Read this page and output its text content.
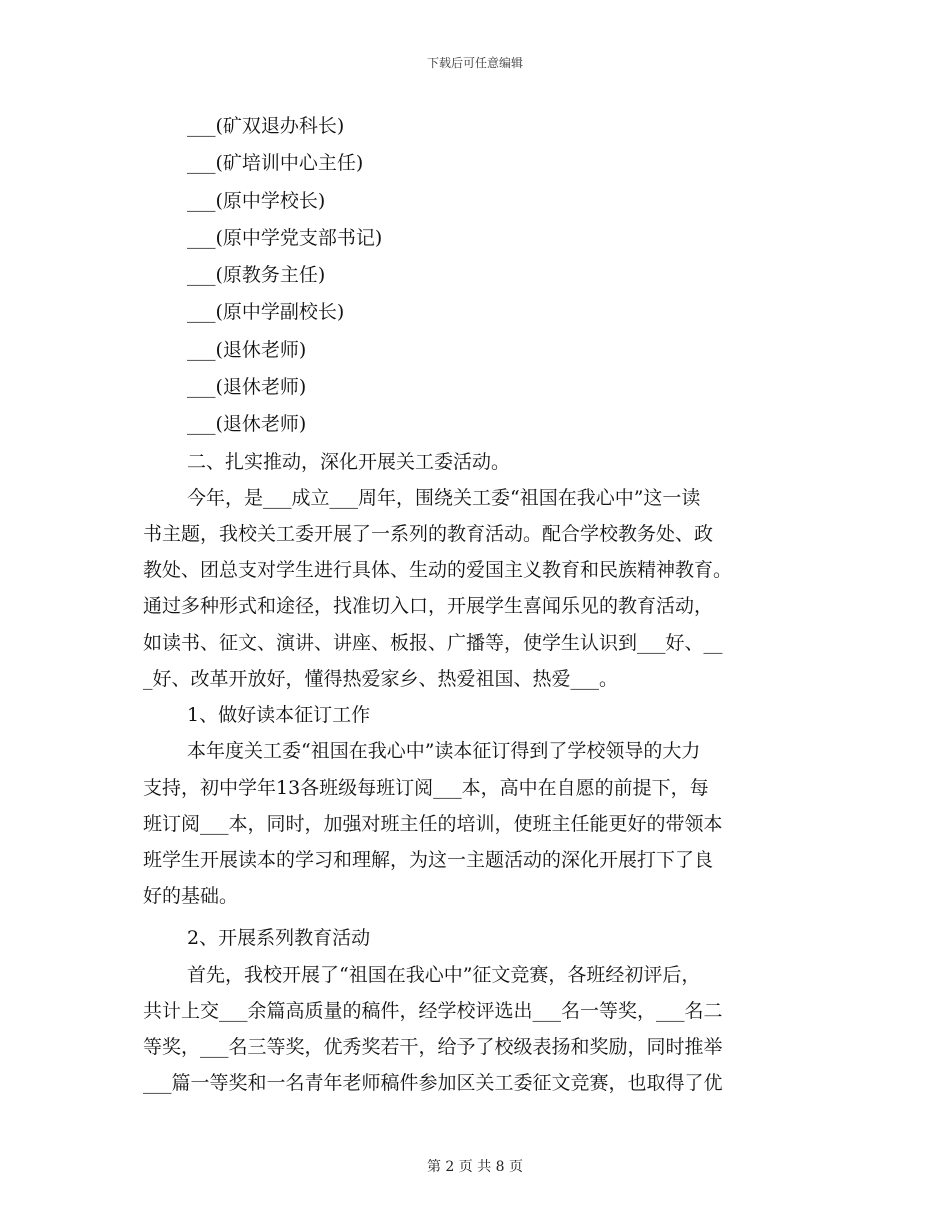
下载后可任意编辑
___(矿双退办科长)
___(矿培训中心主任)
___(原中学校长)
___(原中学党支部书记)
___(原教务主任)
___(原中学副校长)
___(退休老师)
___(退休老师)
___(退休老师)

二、扎实推动，深化开展关工委活动。

今年，是___成立___周年，围绕关工委“祖国在我心中”这一读
书主题，我校关工委开展了一系列的教育活动。配合学校教务处、政
教处、团总支对学生进行具体、生动的爱国主义教育和民族精神教育。
通过多种形式和途径，找准切入口，开展学生喜闻乐见的教育活动，
如读书、征文、演讲、讲座、板报、广播等，使学生认识到___好、__
_好、改革开放好，懂得热爱家乡、热爱祖国、热爱___。

1、做好读本征订工作

本年度关工委“祖国在我心中”读本征订得到了学校领导的大力
支持，初中学年13各班级每班订阅___本，高中在自愿的前提下，每
班订阅___本，同时，加强对班主任的培训，使班主任能更好的带领本
班学生开展读本的学习和理解，为这一主题活动的深化开展打下了良
好的基础。

2、开展系列教育活动

首先，我校开展了“祖国在我心中”征文竞赛，各班经初评后，
共计上交___余篇高质量的稿件，经学校评选出___名一等奖，___名二
等奖，___名三等奖，优秀奖若干，给予了校级表扬和奖励，同时推举
___篇一等奖和一名青年老师稿件参加区关工委征文竞赛，也取得了优

第 2 页 共 8 页
